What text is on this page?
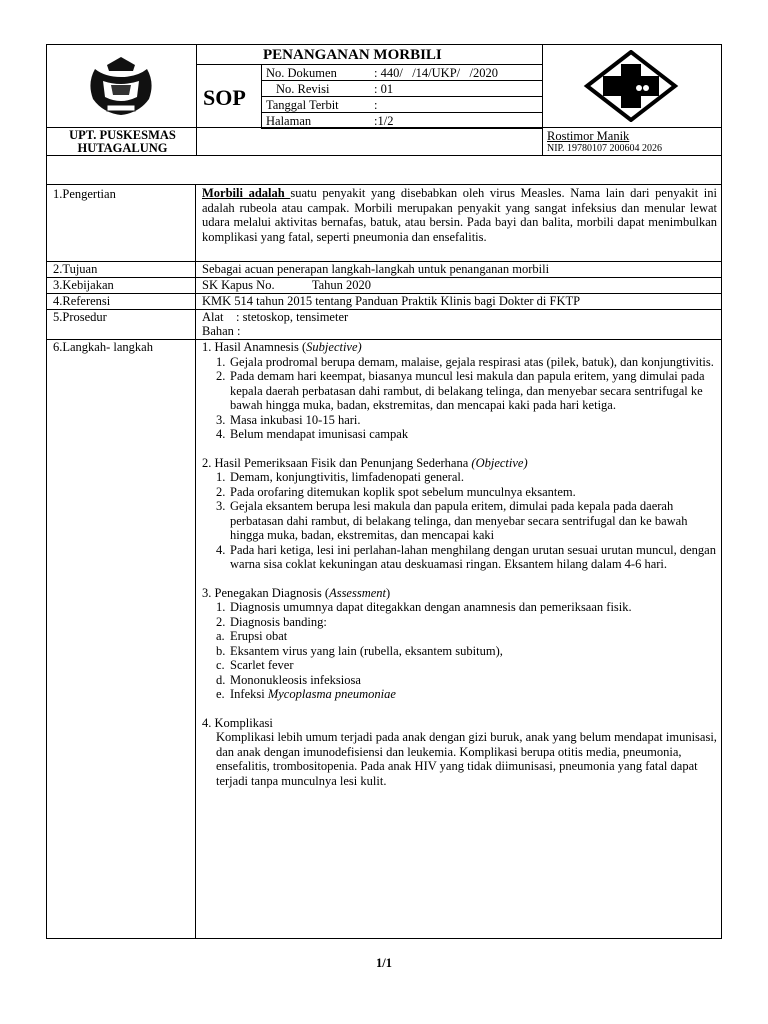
SOP
PENANGANAN MORBILI
No. Dokumen	: 440/   /14/UKP/   /2020
No. Revisi	: 01
Tanggal Terbit	:
Halaman	:1/2
UPT. PUSKESMAS
HUTAGALUNG
Rostimor Manik
NIP. 19780107 200604 2026
1.Pengertian	Morbili adalah suatu penyakit yang disebabkan oleh virus Measles. Nama lain dari penyakit ini adalah rubeola atau campak. Morbili merupakan penyakit yang sangat infeksius dan menular lewat udara melalui aktivitas bernafas, batuk, atau bersin. Pada bayi dan balita, morbili dapat menimbulkan komplikasi yang fatal, seperti pneumonia dan ensefalitis.
2.Tujuan	Sebagai acuan penerapan langkah-langkah untuk penanganan morbili
3.Kebijakan	SK Kapus No.            Tahun 2020
4.Referensi	KMK 514 tahun 2015 tentang Panduan Praktik Klinis bagi Dokter di FKTP
5.Prosedur	Alat    : stetoskop, tensimeter
Bahan :
6.Langkah- langkah	1. Hasil Anamnesis (Subjective)
1. Gejala prodromal berupa demam, malaise, gejala respirasi atas (pilek, batuk), dan konjungtivitis.
2. Pada demam hari keempat, biasanya muncul lesi makula dan papula eritem, yang dimulai pada kepala daerah perbatasan dahi rambut, di belakang telinga, dan menyebar secara sentrifugal ke bawah hingga muka, badan, ekstremitas, dan mencapai kaki pada hari ketiga.
3. Masa inkubasi 10-15 hari.
4. Belum mendapat imunisasi campak
2. Hasil Pemeriksaan Fisik dan Penunjang Sederhana (Objective)
1. Demam, konjungtivitis, limfadenopati general.
2. Pada orofaring ditemukan koplik spot sebelum munculnya eksantem.
3. Gejala eksantem berupa lesi makula dan papula eritem, dimulai pada kepala pada daerah perbatasan dahi rambut, di belakang telinga, dan menyebar secara sentrifugal dan ke bawah hingga muka, badan, ekstremitas, dan mencapai kaki
4. Pada hari ketiga, lesi ini perlahan-lahan menghilang dengan urutan sesuai urutan muncul, dengan warna sisa coklat kekuningan atau deskuamasi ringan. Eksantem hilang dalam 4-6 hari.
3. Penegakan Diagnosis (Assessment)
1. Diagnosis umumnya dapat ditegakkan dengan anamnesis dan pemeriksaan fisik.
2. Diagnosis banding:
a. Erupsi obat
b. Eksantem virus yang lain (rubella, eksantem subitum),
c. Scarlet fever
d. Mononukleosis infeksiosa
e. Infeksi Mycoplasma pneumoniae
4. Komplikasi
Komplikasi lebih umum terjadi pada anak dengan gizi buruk, anak yang belum mendapat imunisasi, dan anak dengan imunodefisiensi dan leukemia. Komplikasi berupa otitis media, pneumonia, ensefalitis, trombositopenia. Pada anak HIV yang tidak diimunisasi, pneumonia yang fatal dapat terjadi tanpa munculnya lesi kulit.
1/1
